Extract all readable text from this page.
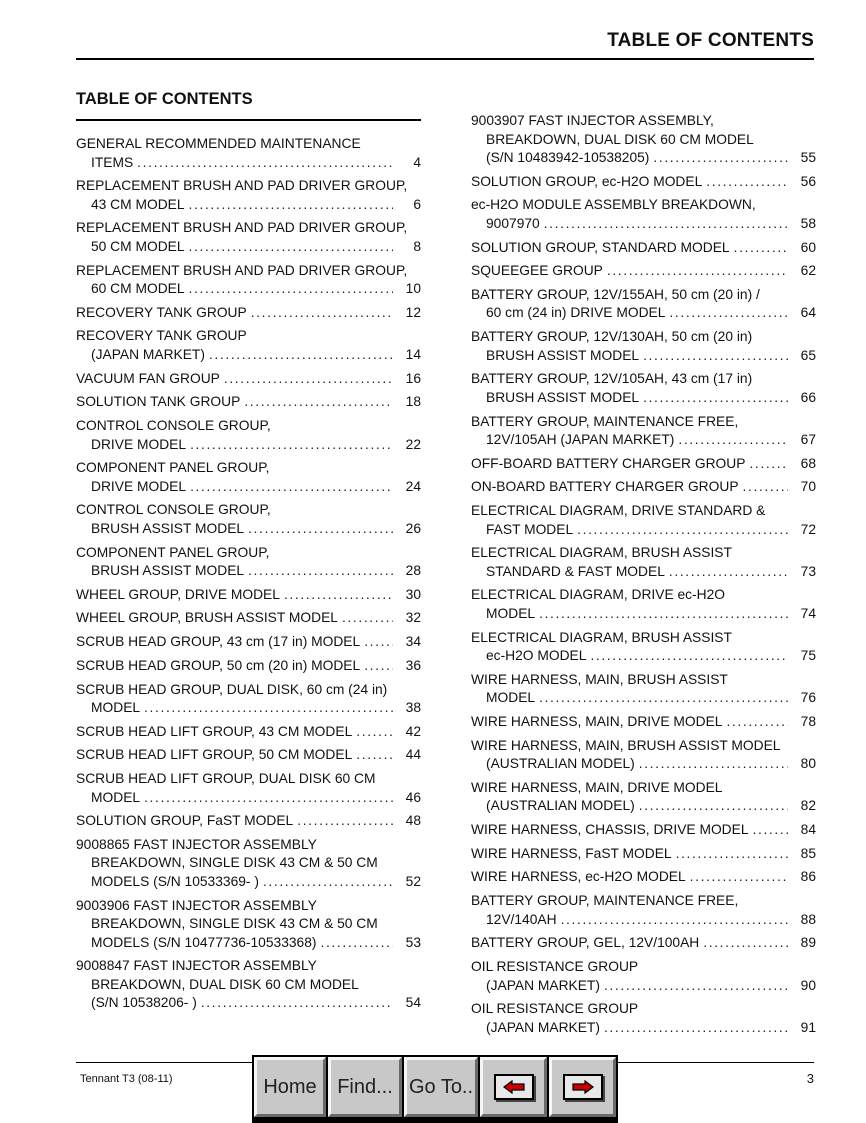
TABLE OF CONTENTS
TABLE OF CONTENTS
GENERAL RECOMMENDED MAINTENANCE
ITEMS . . .	4
REPLACEMENT BRUSH AND PAD DRIVER GROUP,
43 CM MODEL . . .	6
REPLACEMENT BRUSH AND PAD DRIVER GROUP,
50 CM MODEL . . .	8
REPLACEMENT BRUSH AND PAD DRIVER GROUP,
60 CM MODEL . . .	10
RECOVERY TANK GROUP . . .	12
RECOVERY TANK GROUP
(JAPAN MARKET) . . .	14
VACUUM FAN GROUP . . .	16
SOLUTION TANK GROUP . . .	18
CONTROL CONSOLE GROUP,
DRIVE MODEL . . .	22
COMPONENT PANEL GROUP,
DRIVE MODEL . . .	24
CONTROL CONSOLE GROUP,
BRUSH ASSIST MODEL . . .	26
COMPONENT PANEL GROUP,
BRUSH ASSIST MODEL . . .	28
WHEEL GROUP, DRIVE MODEL . . .	30
WHEEL GROUP, BRUSH ASSIST MODEL . . .	32
SCRUB HEAD GROUP, 43 cm (17 in) MODEL . . .	34
SCRUB HEAD GROUP, 50 cm (20 in) MODEL . . .	36
SCRUB HEAD GROUP, DUAL DISK, 60 cm (24 in)
MODEL . . .	38
SCRUB HEAD LIFT GROUP, 43 CM MODEL . . .	42
SCRUB HEAD LIFT GROUP, 50 CM MODEL . . .	44
SCRUB HEAD LIFT GROUP, DUAL DISK 60 CM
MODEL . . .	46
SOLUTION GROUP, FaST MODEL . . .	48
9008865 FAST INJECTOR ASSEMBLY
BREAKDOWN, SINGLE DISK 43 CM & 50 CM
MODELS (S/N 10533369- ) . . .	52
9003906 FAST INJECTOR ASSEMBLY
BREAKDOWN, SINGLE DISK 43 CM & 50 CM
MODELS (S/N 10477736-10533368) . . .	53
9008847 FAST INJECTOR ASSEMBLY
BREAKDOWN, DUAL DISK 60 CM MODEL
(S/N 10538206- ) . . .	54
9003907 FAST INJECTOR ASSEMBLY,
BREAKDOWN, DUAL DISK 60 CM MODEL
(S/N 10483942-10538205) . . .	55
SOLUTION GROUP, ec-H2O MODEL . . .	56
ec-H2O MODULE ASSEMBLY BREAKDOWN,
9007970 . . .	58
SOLUTION GROUP, STANDARD MODEL . . .	60
SQUEEGEE GROUP . . .	62
BATTERY GROUP, 12V/155AH, 50 cm (20 in) /
60 cm (24 in) DRIVE MODEL . . .	64
BATTERY GROUP, 12V/130AH, 50 cm (20 in)
BRUSH ASSIST MODEL . . .	65
BATTERY GROUP, 12V/105AH, 43 cm (17 in)
BRUSH ASSIST MODEL . . .	66
BATTERY GROUP, MAINTENANCE FREE,
12V/105AH (JAPAN MARKET) . . .	67
OFF-BOARD BATTERY CHARGER GROUP . . .	68
ON-BOARD BATTERY CHARGER GROUP . . .	70
ELECTRICAL DIAGRAM, DRIVE STANDARD &
FAST MODEL . . .	72
ELECTRICAL DIAGRAM, BRUSH ASSIST
STANDARD & FAST MODEL . . .	73
ELECTRICAL DIAGRAM, DRIVE ec-H2O
MODEL . . .	74
ELECTRICAL DIAGRAM, BRUSH ASSIST
ec-H2O MODEL . . .	75
WIRE HARNESS, MAIN, BRUSH ASSIST
MODEL . . .	76
WIRE HARNESS, MAIN, DRIVE MODEL . . .	78
WIRE HARNESS, MAIN, BRUSH ASSIST MODEL
(AUSTRALIAN MODEL) . . .	80
WIRE HARNESS, MAIN, DRIVE MODEL
(AUSTRALIAN MODEL) . . .	82
WIRE HARNESS, CHASSIS, DRIVE MODEL . . .	84
WIRE HARNESS, FaST MODEL . . .	85
WIRE HARNESS, ec-H2O MODEL . . .	86
BATTERY GROUP, MAINTENANCE FREE,
12V/140AH . . .	88
BATTERY GROUP, GEL, 12V/100AH . . .	89
OIL RESISTANCE GROUP
(JAPAN MARKET) . . .	90
OIL RESISTANCE GROUP
(JAPAN MARKET) . . .	91
Tennant T3 (08-11)	3
Home	Find... Go To..
